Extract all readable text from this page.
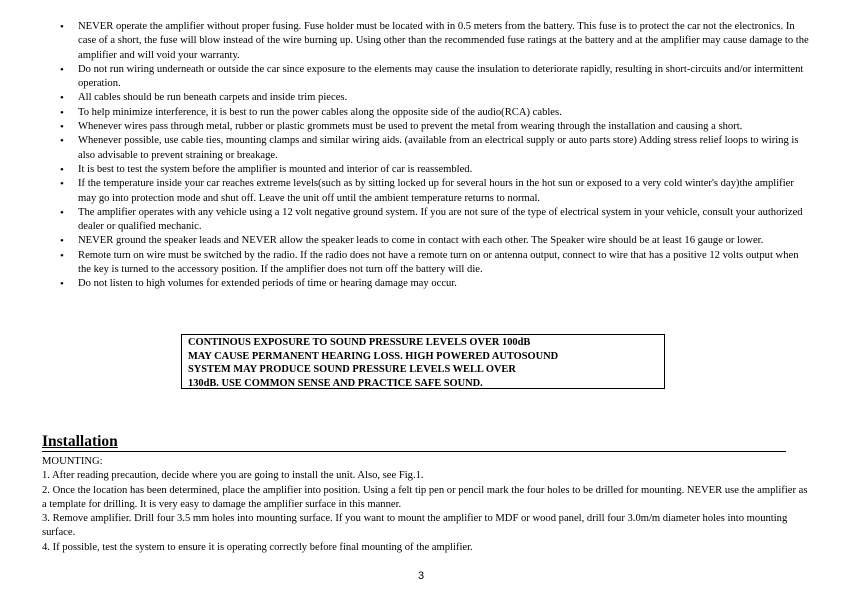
• NEVER operate the amplifier without proper fusing. Fuse holder must be located with in 0.5 meters from the battery. This fuse is to protect the car not the electronics. In case of a short, the fuse will blow instead of the wire burning up. Using other than the recommended fuse ratings at the battery and at the amplifier may cause damage to the amplifier and will void your warranty.
• Do not run wiring underneath or outside the car since exposure to the elements may cause the insulation to deteriorate rapidly, resulting in short-circuits and/or intermittent operation.
• All cables should be run beneath carpets and inside trim pieces.
• To help minimize interference, it is best to run the power cables along the opposite side of the audio(RCA) cables.
• Whenever wires pass through metal, rubber or plastic grommets must be used to prevent the metal from wearing through the installation and causing a short.
• Whenever possible, use cable ties, mounting clamps and similar wiring aids. (available from an electrical supply or auto parts store) Adding stress relief loops to wiring is also advisable to prevent straining or breakage.
• It is best to test the system before the amplifier is mounted and interior of car is reassembled.
• If the temperature inside your car reaches extreme levels(such as by sitting locked up for several hours in the hot sun or exposed to a very cold winter's day)the amplifier may go into protection mode and shut off. Leave the unit off until the ambient temperature returns to normal.
• The amplifier operates with any vehicle using a 12 volt negative ground system. If you are not sure of the type of electrical system in your vehicle, consult your authorized dealer or qualified mechanic.
• NEVER ground the speaker leads and NEVER allow the speaker leads to come in contact with each other. The Speaker wire should be at least 16 gauge or lower.
• Remote turn on wire must be switched by the radio. If the radio does not have a remote turn on or antenna output, connect to wire that has a positive 12 volts output when the key is turned to the accessory position. If the amplifier does not turn off the battery will die.
• Do not listen to high volumes for extended periods of time or hearing damage may occur.
CONTINOUS EXPOSURE TO SOUND PRESSURE LEVELS OVER 100dB
MAY CAUSE PERMANENT HEARING LOSS. HIGH POWERED AUTOSOUND
SYSTEM MAY PRODUCE SOUND PRESSURE LEVELS WELL OVER
130dB. USE COMMON SENSE AND PRACTICE SAFE SOUND.
Installation

MOUNTING:

1. After reading precaution, decide where you are going to install the unit. Also, see Fig.1.

2. Once the location has been determined, place the amplifier into position. Using a felt tip pen or pencil mark the four holes to be drilled for mounting. NEVER use the amplifier as a template for drilling. It is very easy to damage the amplifier surface in this manner.

3. Remove amplifier. Drill four 3.5 mm holes into mounting surface. If you want to mount the amplifier to MDF or wood panel, drill four 3.0m/m diameter holes into mounting surface.

4. If possible, test the system to ensure it is operating correctly before final mounting of the amplifier.

3
